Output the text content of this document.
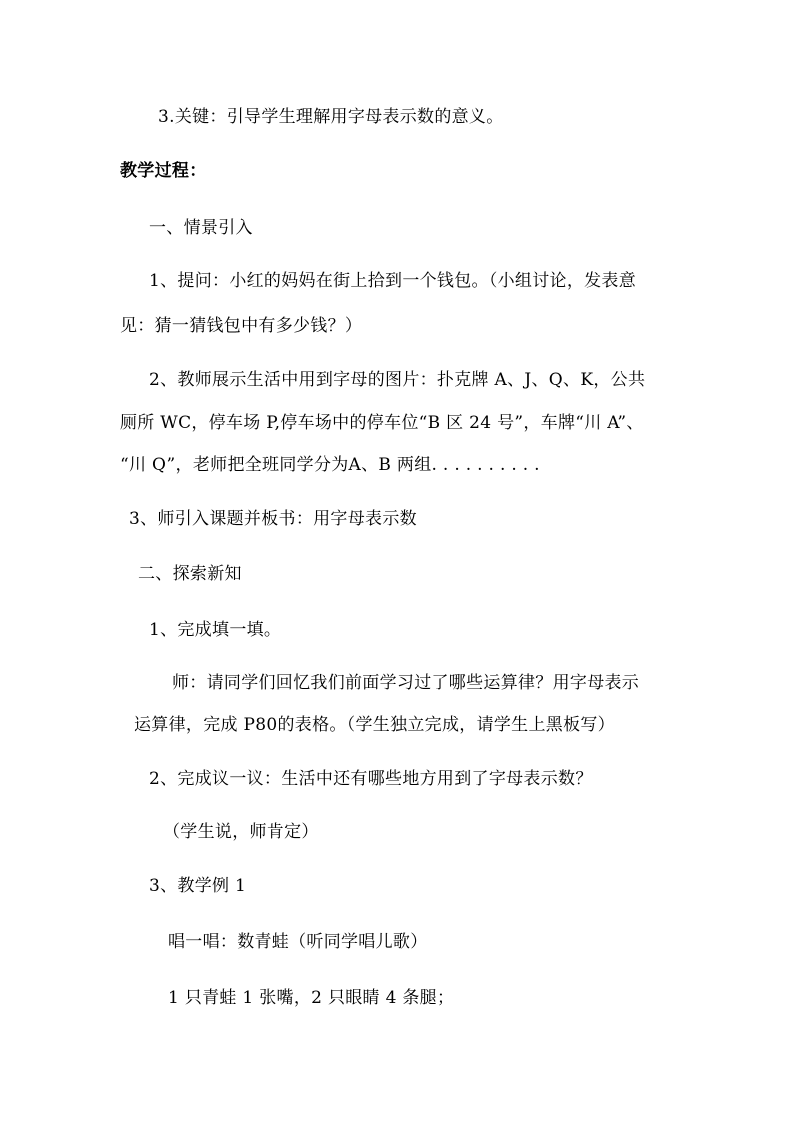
3.关键：引导学生理解用字母表示数的意义。
教学过程：
一、情景引入
1、提问：小红的妈妈在街上拾到一个钱包。（小组讨论，发表意
见：猜一猜钱包中有多少钱？）
2、教师展示生活中用到字母的图片：扑克牌 A、J、Q、K，公共
厕所 WC，停车场 P,停车场中的停车位“B 区 24 号”，车牌“川 A”、
“川 Q”，老师把全班同学分为A、B 两组. . . . . . . . . .
3、师引入课题并板书：用字母表示数
二、探索新知
1、完成填一填。
师：请同学们回忆我们前面学习过了哪些运算律？用字母表示
运算律，完成 P80的表格。（学生独立完成，请学生上黑板写）
2、完成议一议：生活中还有哪些地方用到了字母表示数？
（学生说，师肯定）
3、教学例 1
唱一唱：数青蛙（听同学唱儿歌）
1 只青蛙 1 张嘴，2 只眼睛 4 条腿；
